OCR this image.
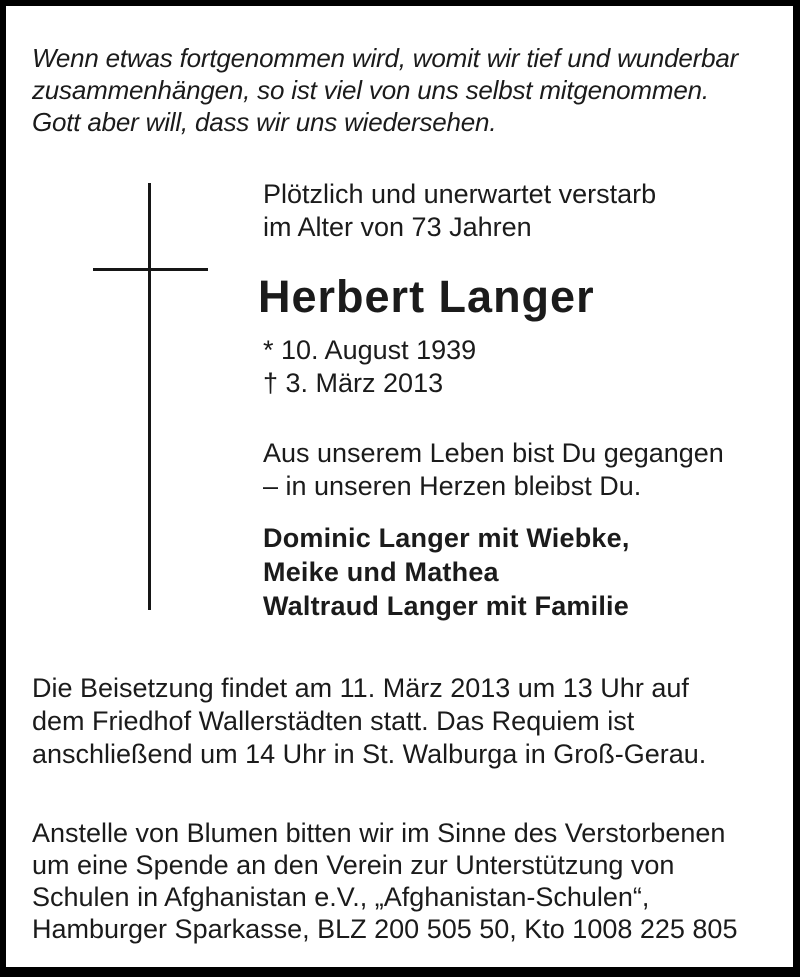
Wenn etwas fortgenommen wird, womit wir tief und wunderbar
zusammenhängen, so ist viel von uns selbst mitgenommen.
Gott aber will, dass wir uns wiedersehen.
Plötzlich und unerwartet verstarb
im Alter von 73 Jahren
Herbert Langer
* 10. August 1939
† 3. März 2013
Aus unserem Leben bist Du gegangen
– in unseren Herzen bleibst Du.
Dominic Langer mit Wiebke,
Meike und Mathea
Waltraud Langer mit Familie
Die Beisetzung findet am 11. März 2013 um 13 Uhr auf
dem Friedhof Wallerstädten statt. Das Requiem ist
anschließend um 14 Uhr in St. Walburga in Groß-Gerau.
Anstelle von Blumen bitten wir im Sinne des Verstorbenen
um eine Spende an den Verein zur Unterstützung von
Schulen in Afghanistan e.V., „Afghanistan-Schulen“,
Hamburger Sparkasse, BLZ 200 505 50, Kto 1008 225 805
